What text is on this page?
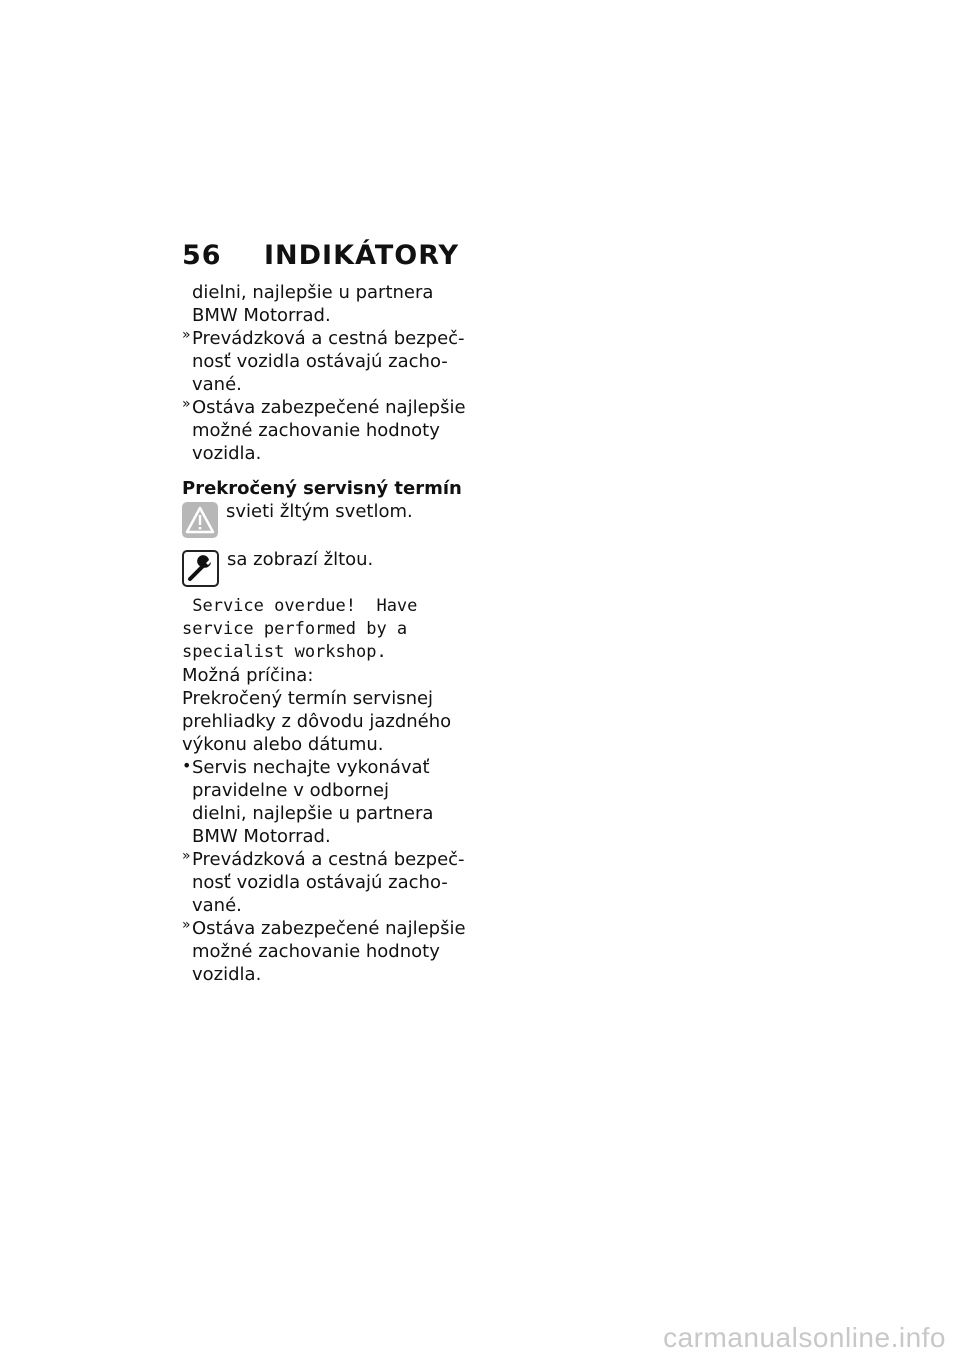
56	INDIKÁTORY
dielni, najlepšie u partnera
BMW Motorrad.
» Prevádzková a cestná bezpeč-
nosť vozidla ostávajú zacho-
vané.
» Ostáva zabezpečené najlepšie
možné zachovanie hodnoty
vozidla.
Prekročený servisný termín
svieti žltým svetlom.
sa zobrazí žltou.
Service overdue!  Have
service performed by a
specialist workshop.
Možná príčina:
Prekročený termín servisnej
prehliadky z dôvodu jazdného
výkonu alebo dátumu.
• Servis nechajte vykonávať
pravidelne v odbornej
dielni, najlepšie u partnera
BMW Motorrad.
» Prevádzková a cestná bezpeč-
nosť vozidla ostávajú zacho-
vané.
» Ostáva zabezpečené najlepšie
možné zachovanie hodnoty
vozidla.
carmanualsonline.info
